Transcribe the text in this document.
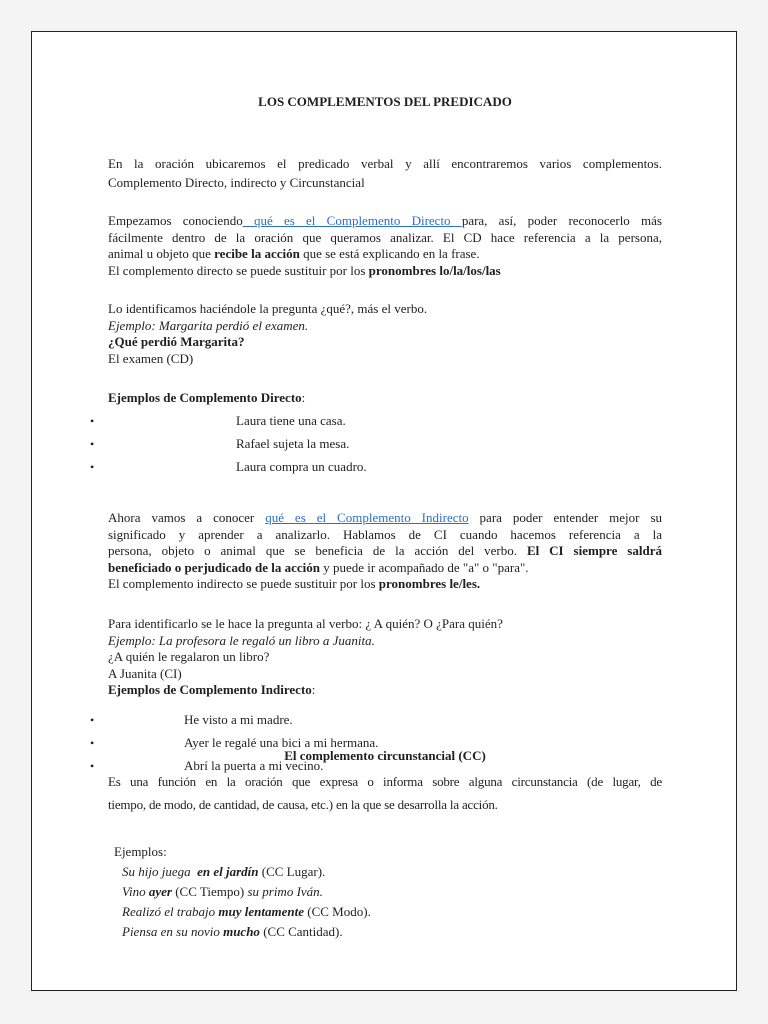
LOS COMPLEMENTOS DEL PREDICADO
En la oración ubicaremos el predicado verbal y allí encontraremos varios complementos.
Complemento Directo, indirecto y Circunstancial
Empezamos conociendo qué es el Complemento Directo para, así, poder reconocerlo más
fácilmente dentro de la oración que queramos analizar. El CD hace referencia a la persona,
animal u objeto que recibe la acción que se está explicando en la frase.
El complemento directo se puede sustituir por los pronombres lo/la/los/las
Lo identificamos haciéndole la pregunta ¿qué?, más el verbo.
Ejemplo: Margarita perdió el examen.
¿Qué perdió Margarita?
El examen (CD)
Ejemplos de Complemento Directo:
•	Laura tiene una casa.
•	Rafael sujeta la mesa.
•	Laura compra un cuadro.
Ahora vamos a conocer qué es el Complemento Indirecto para poder entender mejor su
significado y aprender a analizarlo. Hablamos de CI cuando hacemos referencia a la
persona, objeto o animal que se beneficia de la acción del verbo. El CI siempre saldrá
beneficiado o perjudicado de la acción y puede ir acompañado de "a" o "para".
El complemento indirecto se puede sustituir por los pronombres le/les.
Para identificarlo se le hace la pregunta al verbo: ¿ A quién? O ¿Para quién?
Ejemplo: La profesora le regaló un libro a Juanita.
¿A quién le regalaron un libro?
A Juanita (CI)
Ejemplos de Complemento Indirecto:
•	He visto a mi madre.
•	Ayer le regalé una bici a mi hermana.
•	Abrí la puerta a mi vecino.
El complemento circunstancial (CC)
Es una función en la oración que expresa o informa sobre alguna circunstancia (de lugar, de
tiempo, de modo, de cantidad, de causa, etc.) en la que se desarrolla la acción.
Ejemplos:
Su hijo juega  en el jardín (CC Lugar).
Vino ayer (CC Tiempo) su primo Iván.
Realizó el trabajo muy lentamente (CC Modo).
Piensa en su novio mucho (CC Cantidad).
